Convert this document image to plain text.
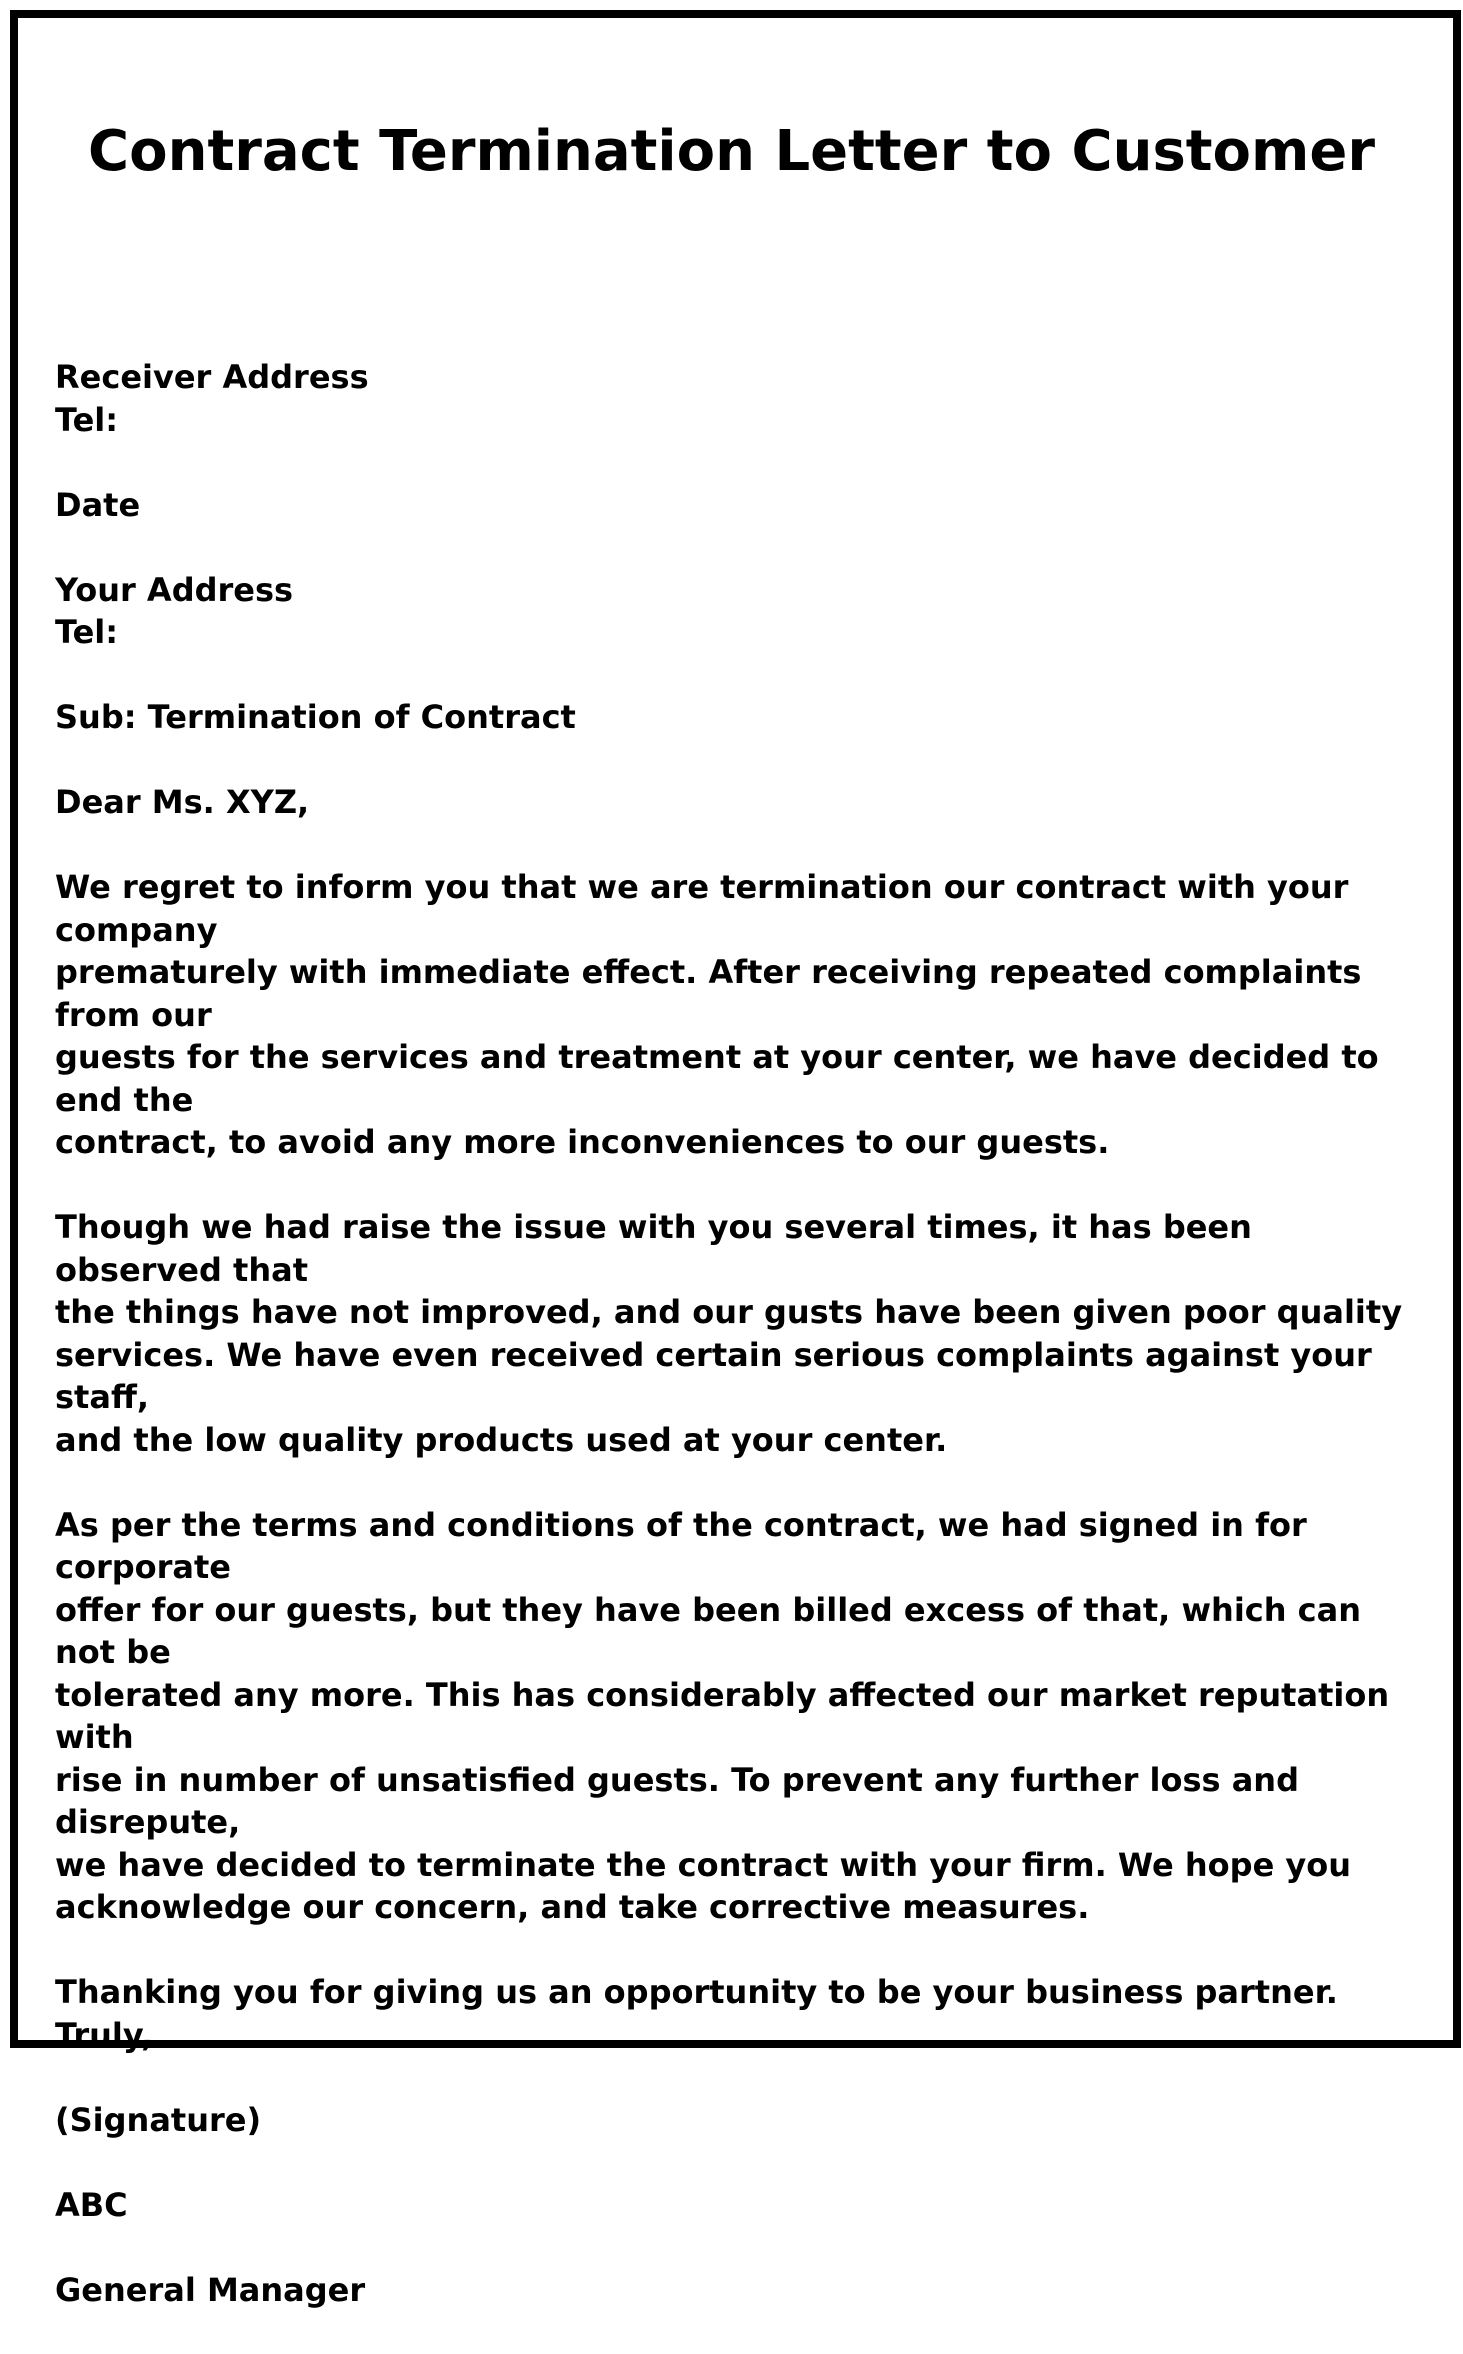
Contract Termination Letter to Customer

Receiver Address

Tel:

Date

Your Address

Tel:

Sub: Termination of Contract

Dear Ms. XYZ,

We regret to inform you that we are termination our contract with your company
prematurely with immediate effect. After receiving repeated complaints from our
guests for the services and treatment at your center, we have decided to end the
contract, to avoid any more inconveniences to our guests.

Though we had raise the issue with you several times, it has been observed that
the things have not improved, and our gusts have been given poor quality
services. We have even received certain serious complaints against your staff,
and the low quality products used at your center.

As per the terms and conditions of the contract, we had signed in for corporate
offer for our guests, but they have been billed excess of that, which can not be
tolerated any more. This has considerably affected our market reputation with
rise in number of unsatisfied guests. To prevent any further loss and disrepute,
we have decided to terminate the contract with your firm. We hope you
acknowledge our concern, and take corrective measures.

Thanking you for giving us an opportunity to be your business partner. Truly,

(Signature)

ABC

General Manager
